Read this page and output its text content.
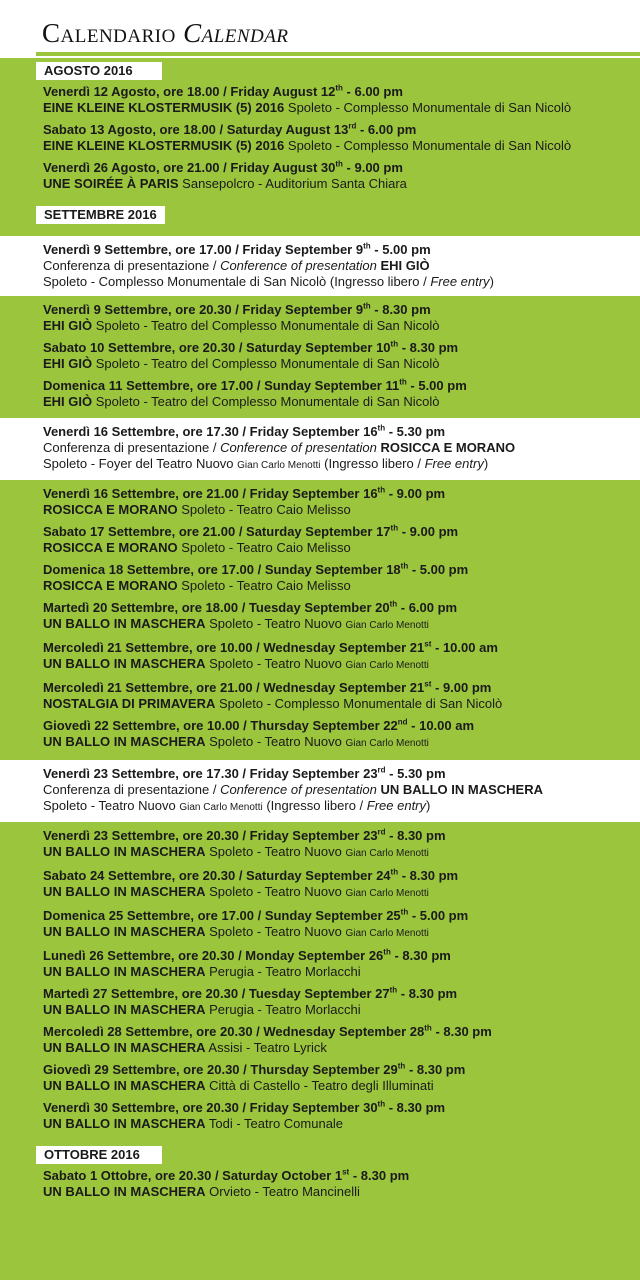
Calendario Calendar
AGOSTO 2016
Venerdì 12 Agosto, ore 18.00 / Friday August 12th - 6.00 pm
EINE KLEINE KLOSTERMUSIK (5) 2016 Spoleto - Complesso Monumentale di San Nicolò
Sabato 13 Agosto, ore 18.00 / Saturday August 13rd - 6.00 pm
EINE KLEINE KLOSTERMUSIK (5) 2016 Spoleto - Complesso Monumentale di San Nicolò
Venerdì 26 Agosto, ore 21.00 / Friday August 30th - 9.00 pm
UNE SOIRÉE À PARIS Sansepolcro - Auditorium Santa Chiara
SETTEMBRE 2016
Venerdì 9 Settembre, ore 17.00 / Friday September 9th - 5.00 pm
Conferenza di presentazione / Conference of presentation EHI GIÒ
Spoleto - Complesso Monumentale di San Nicolò (Ingresso libero / Free entry)
Venerdì 9 Settembre, ore 20.30 / Friday September 9th - 8.30 pm
EHI GIÒ Spoleto - Teatro del Complesso Monumentale di San Nicolò
Sabato 10 Settembre, ore 20.30 / Saturday September 10th - 8.30 pm
EHI GIÒ Spoleto - Teatro del Complesso Monumentale di San Nicolò
Domenica 11 Settembre, ore 17.00 / Sunday September 11th - 5.00 pm
EHI GIÒ Spoleto - Teatro del Complesso Monumentale di San Nicolò
Venerdì 16 Settembre, ore 17.30 / Friday September 16th - 5.30 pm
Conferenza di presentazione / Conference of presentation ROSICCA E MORANO
Spoleto - Foyer del Teatro Nuovo Gian Carlo Menotti (Ingresso libero / Free entry)
Venerdì 16 Settembre, ore 21.00 / Friday September 16th - 9.00 pm
ROSICCA E MORANO Spoleto - Teatro Caio Melisso
Sabato 17 Settembre, ore 21.00 / Saturday September 17th - 9.00 pm
ROSICCA E MORANO Spoleto - Teatro Caio Melisso
Domenica 18 Settembre, ore 17.00 / Sunday September 18th - 5.00 pm
ROSICCA E MORANO Spoleto - Teatro Caio Melisso
Martedì 20 Settembre, ore 18.00 / Tuesday September 20th - 6.00 pm
UN BALLO IN MASCHERA Spoleto - Teatro Nuovo Gian Carlo Menotti
Mercoledì 21 Settembre, ore 10.00 / Wednesday September 21st - 10.00 am
UN BALLO IN MASCHERA Spoleto - Teatro Nuovo Gian Carlo Menotti
Mercoledì 21 Settembre, ore 21.00 / Wednesday September 21st - 9.00 pm
NOSTALGIA DI PRIMAVERA Spoleto - Complesso Monumentale di San Nicolò
Giovedì 22 Settembre, ore 10.00 / Thursday September 22nd - 10.00 am
UN BALLO IN MASCHERA Spoleto - Teatro Nuovo Gian Carlo Menotti
Venerdì 23 Settembre, ore 17.30 / Friday September 23rd - 5.30 pm
Conferenza di presentazione / Conference of presentation UN BALLO IN MASCHERA
Spoleto - Teatro Nuovo Gian Carlo Menotti (Ingresso libero / Free entry)
Venerdì 23 Settembre, ore 20.30 / Friday September 23rd - 8.30 pm
UN BALLO IN MASCHERA Spoleto - Teatro Nuovo Gian Carlo Menotti
Sabato 24 Settembre, ore 20.30 / Saturday September 24th - 8.30 pm
UN BALLO IN MASCHERA Spoleto - Teatro Nuovo Gian Carlo Menotti
Domenica 25 Settembre, ore 17.00 / Sunday September 25th - 5.00 pm
UN BALLO IN MASCHERA Spoleto - Teatro Nuovo Gian Carlo Menotti
Lunedì 26 Settembre, ore 20.30 / Monday September 26th - 8.30 pm
UN BALLO IN MASCHERA Perugia - Teatro Morlacchi
Martedì 27 Settembre, ore 20.30 / Tuesday September 27th - 8.30 pm
UN BALLO IN MASCHERA Perugia - Teatro Morlacchi
Mercoledì 28 Settembre, ore 20.30 / Wednesday September 28th - 8.30 pm
UN BALLO IN MASCHERA Assisi - Teatro Lyrick
Giovedì 29 Settembre, ore 20.30 / Thursday September 29th - 8.30 pm
UN BALLO IN MASCHERA Città di Castello - Teatro degli Illuminati
Venerdì 30 Settembre, ore 20.30 / Friday September 30th - 8.30 pm
UN BALLO IN MASCHERA Todi - Teatro Comunale
OTTOBRE 2016
Sabato 1 Ottobre, ore 20.30 / Saturday October 1st - 8.30 pm
UN BALLO IN MASCHERA Orvieto - Teatro Mancinelli
